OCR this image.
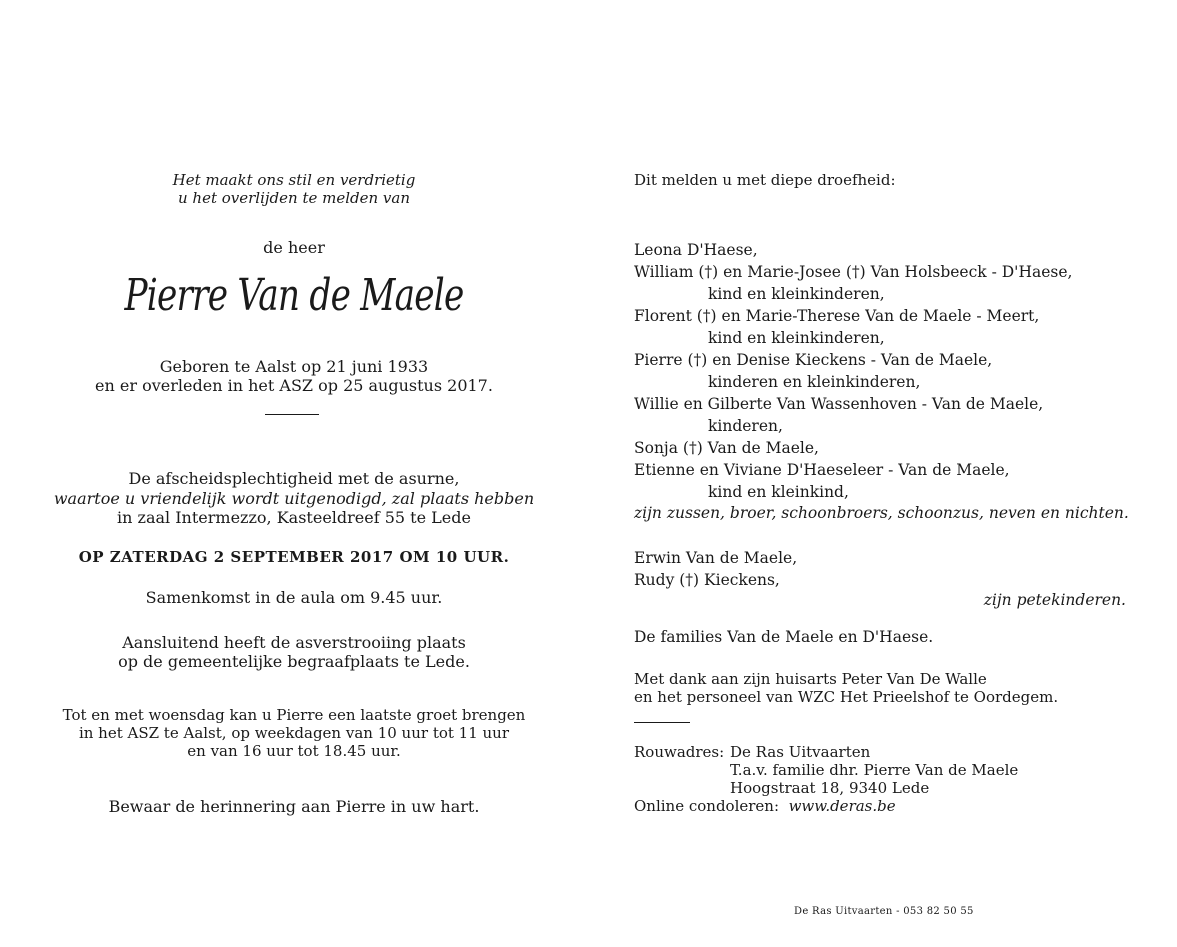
Het maakt ons stil en verdrietig
u het overlijden te melden van
de heer
Pierre Van de Maele
Geboren te Aalst op 21 juni 1933
en er overleden in het ASZ op 25 augustus 2017.
De afscheidsplechtigheid met de asurne,
waartoe u vriendelijk wordt uitgenodigd, zal plaats hebben
in zaal Intermezzo, Kasteeldreef 55 te Lede
OP ZATERDAG 2 SEPTEMBER 2017 OM 10 UUR.
Samenkomst in de aula om 9.45 uur.
Aansluitend heeft de asverstrooiing plaats
op de gemeentelijke begraafplaats te Lede.
Tot en met woensdag kan u Pierre een laatste groet brengen
in het ASZ te Aalst, op weekdagen van 10 uur tot 11 uur
en van 16 uur tot 18.45 uur.
Bewaar de herinnering aan Pierre in uw hart.
Dit melden u met diepe droefheid:
Leona D'Haese,
William (†) en Marie-Josee (†) Van Holsbeeck - D'Haese,
kind en kleinkinderen,
Florent (†) en Marie-Therese Van de Maele - Meert,
kind en kleinkinderen,
Pierre (†) en Denise Kieckens - Van de Maele,
kinderen en kleinkinderen,
Willie en Gilberte Van Wassenhoven - Van de Maele,
kinderen,
Sonja (†) Van de Maele,
Etienne en Viviane D'Haeseleer - Van de Maele,
kind en kleinkind,
zijn zussen, broer, schoonbroers, schoonzus, neven en nichten.
Erwin Van de Maele,
Rudy (†) Kieckens,
zijn petekinderen.
De families Van de Maele en D'Haese.
Met dank aan zijn huisarts Peter Van De Walle
en het personeel van WZC Het Prieelshof te Oordegem.
Rouwadres: De Ras Uitvaarten
T.a.v. familie dhr. Pierre Van de Maele
Hoogstraat 18, 9340 Lede
Online condoleren: www.deras.be
De Ras Uitvaarten - 053 82 50 55
